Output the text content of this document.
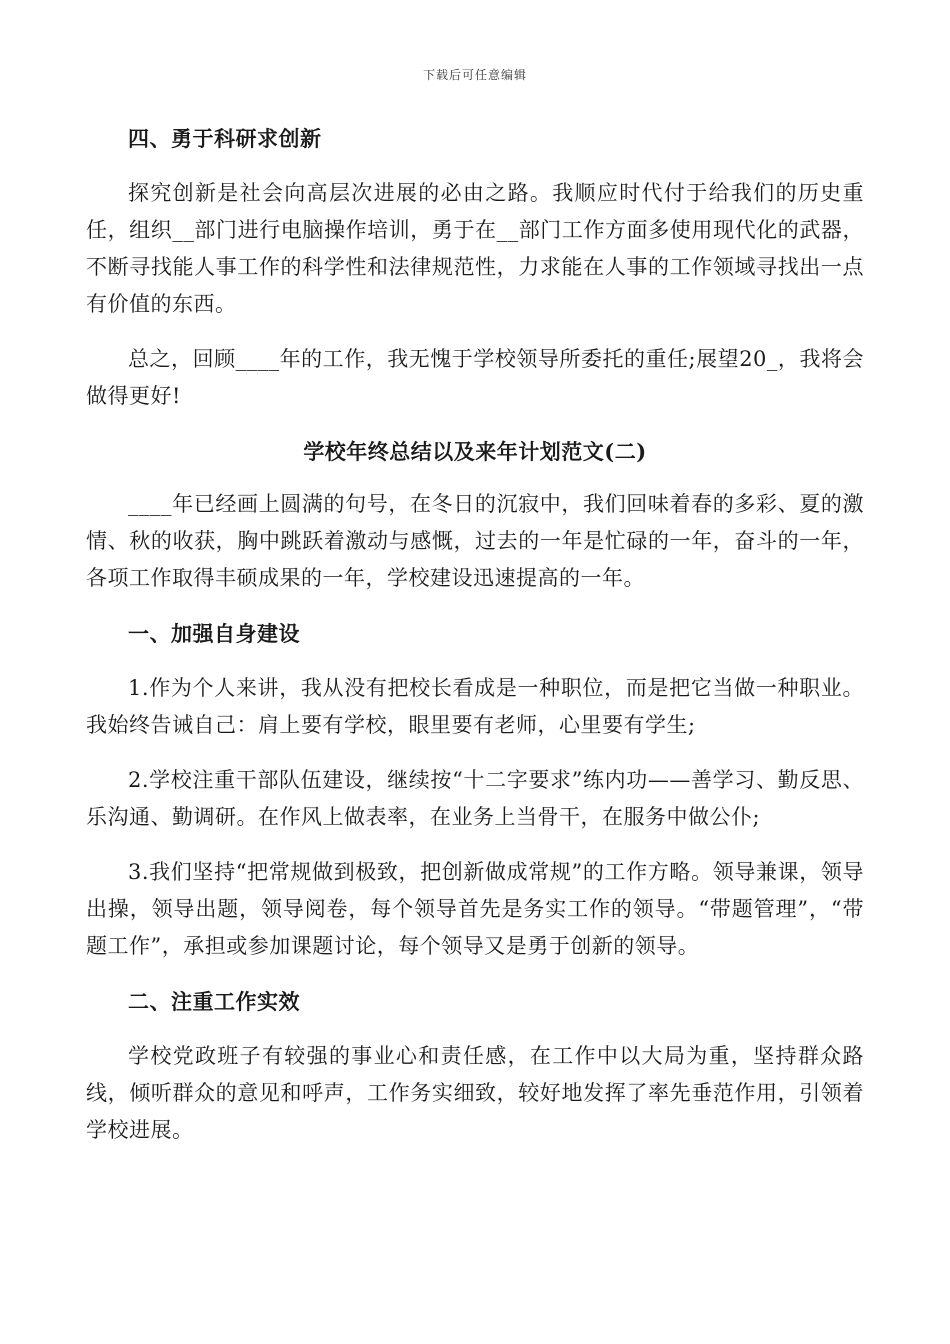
下载后可任意编辑

四、勇于科研求创新

探究创新是社会向高层次进展的必由之路。我顺应时代付于给我们的历史重任，组织__部门进行电脑操作培训，勇于在__部门工作方面多使用现代化的武器，不断寻找能人事工作的科学性和法律规范性，力求能在人事的工作领域寻找出一点有价值的东西。

总之，回顾____年的工作，我无愧于学校领导所委托的重任;展望20_，我将会做得更好!

学校年终总结以及来年计划范文(二)

____年已经画上圆满的句号，在冬日的沉寂中，我们回味着春的多彩、夏的激情、秋的收获，胸中跳跃着激动与感慨，过去的一年是忙碌的一年，奋斗的一年，各项工作取得丰硕成果的一年，学校建设迅速提高的一年。

一、加强自身建设

1.作为个人来讲，我从没有把校长看成是一种职位，而是把它当做一种职业。我始终告诫自己：肩上要有学校，眼里要有老师，心里要有学生;

2.学校注重干部队伍建设，继续按“十二字要求”练内功——善学习、勤反思、乐沟通、勤调研。在作风上做表率，在业务上当骨干，在服务中做公仆;

3.我们坚持“把常规做到极致，把创新做成常规”的工作方略。领导兼课，领导出操，领导出题，领导阅卷，每个领导首先是务实工作的领导。“带题管理”，“带题工作”，承担或参加课题讨论，每个领导又是勇于创新的领导。

二、注重工作实效

学校党政班子有较强的事业心和责任感，在工作中以大局为重，坚持群众路线，倾听群众的意见和呼声，工作务实细致，较好地发挥了率先垂范作用，引领着学校进展。
